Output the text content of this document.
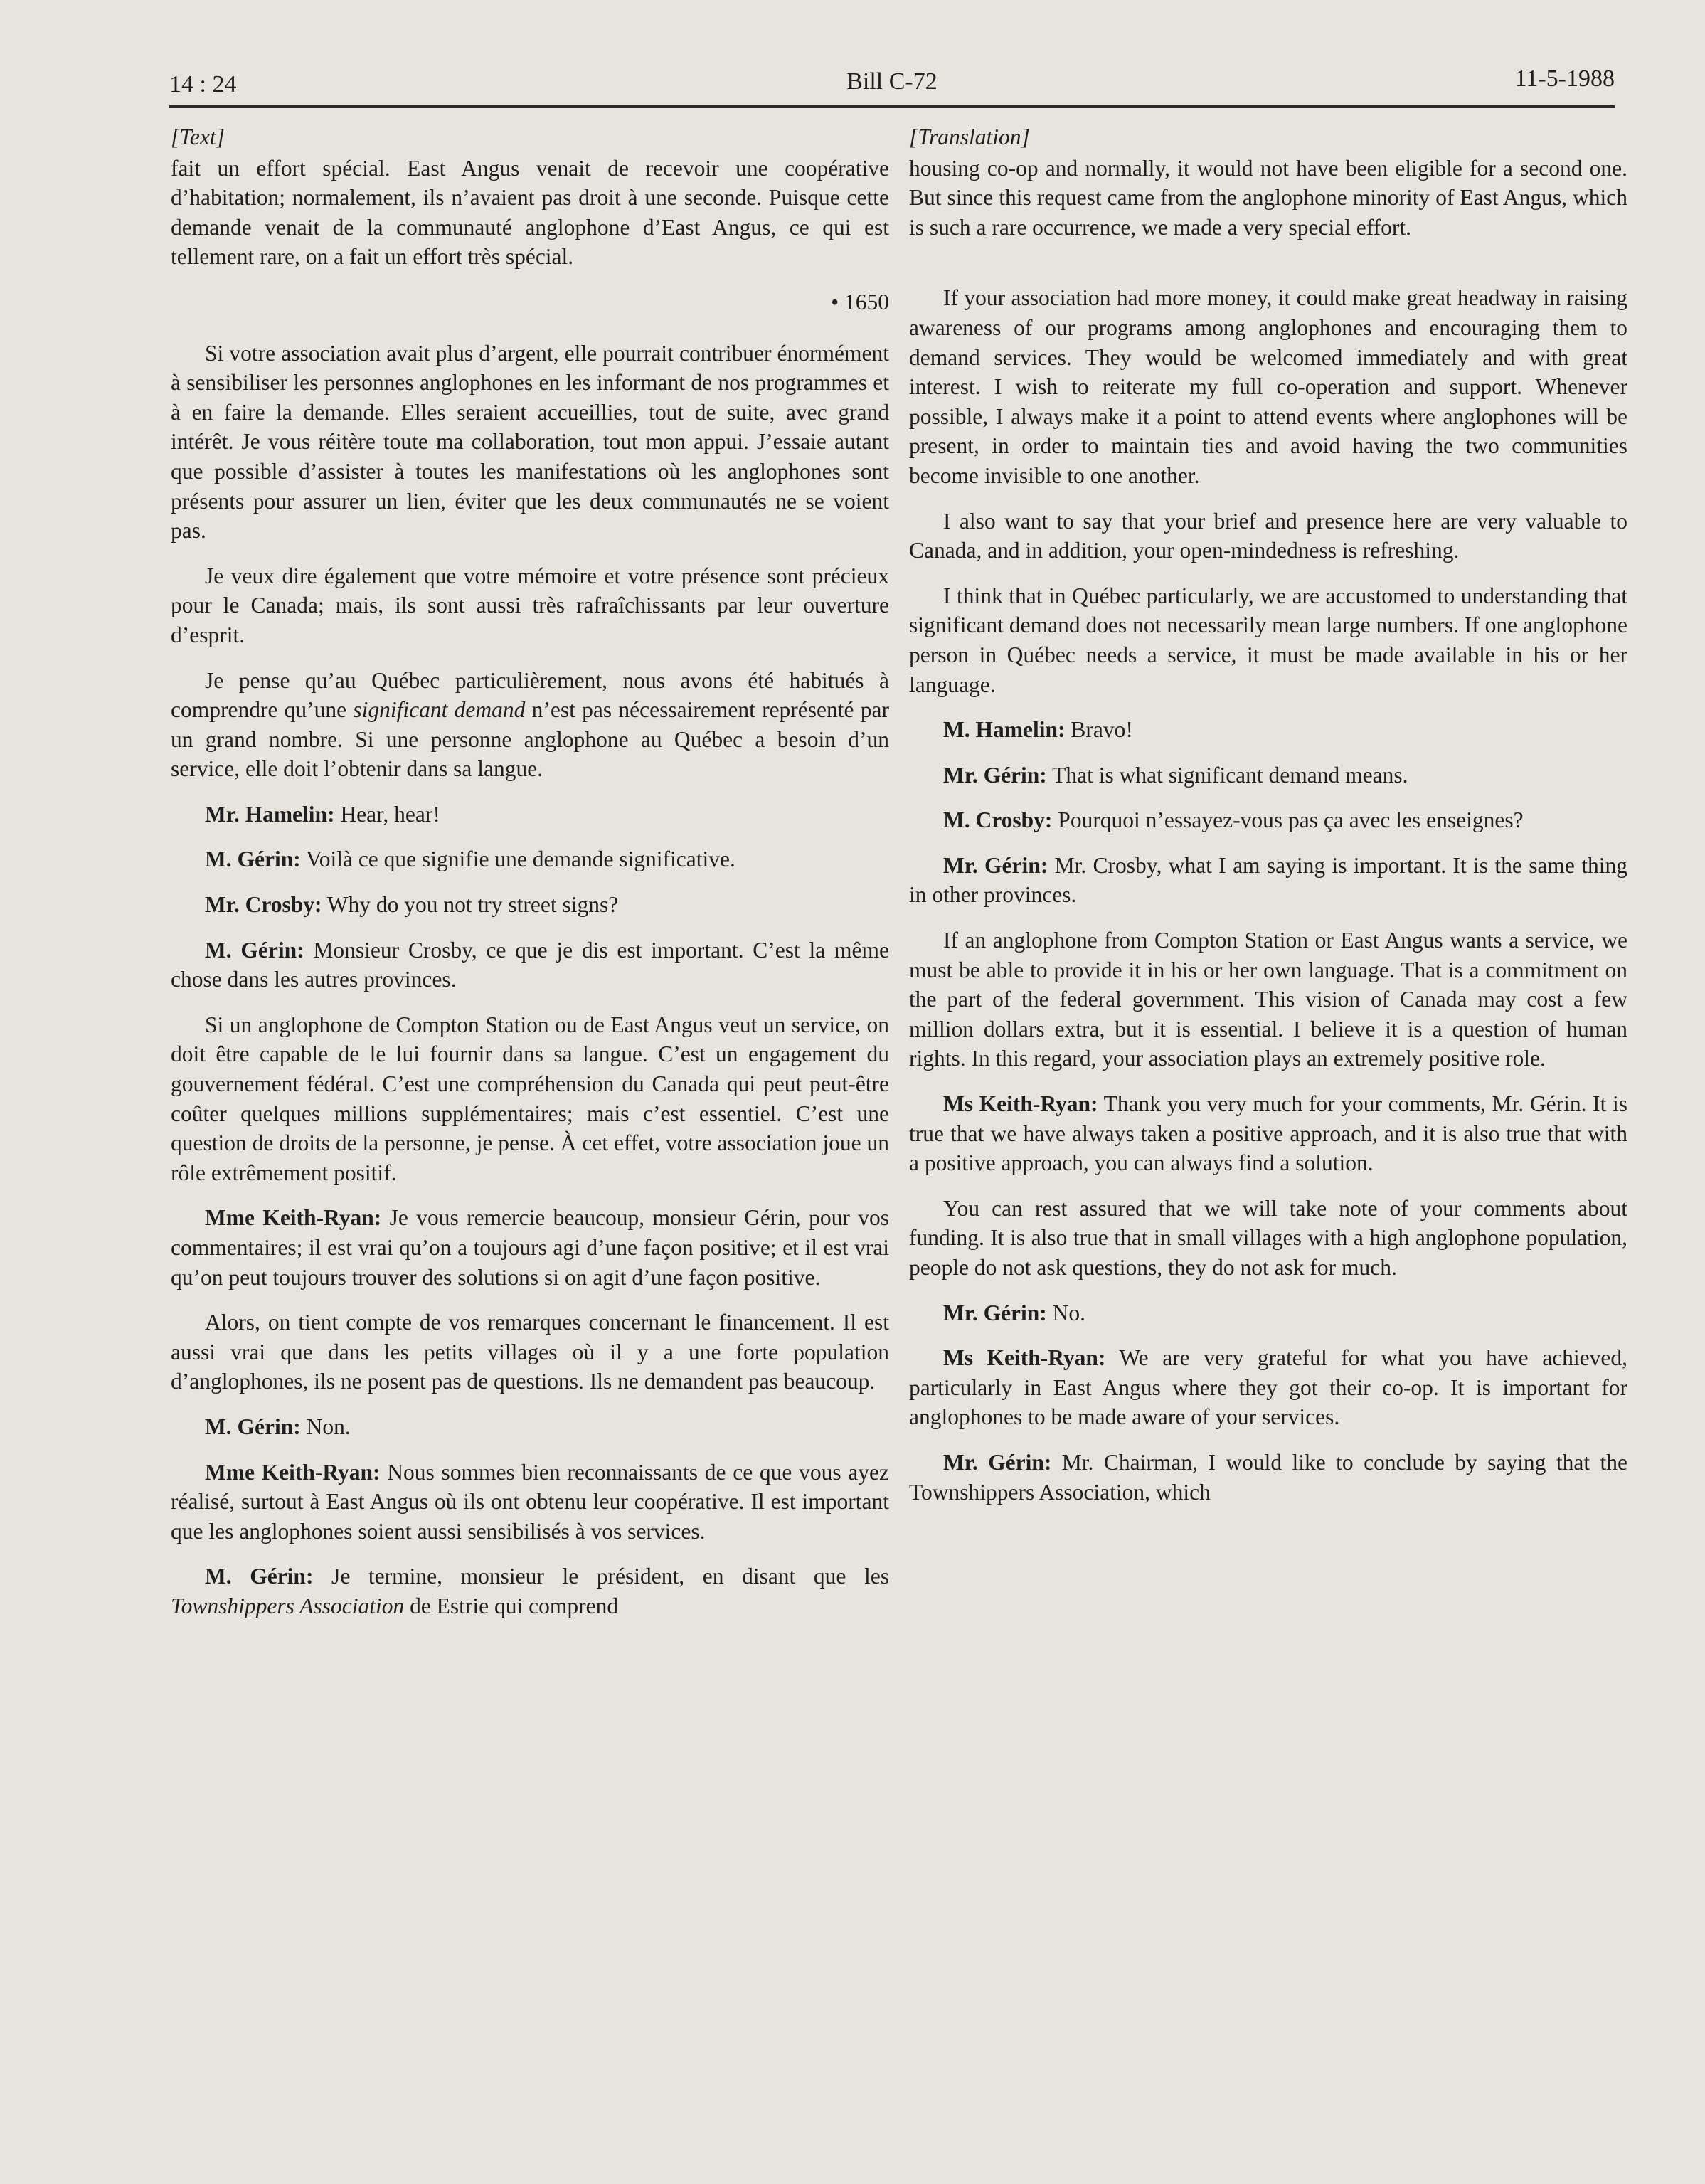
14 : 24	Bill C-72	11-5-1988

[Text]

fait un effort spécial. East Angus venait de recevoir une coopérative d’habitation; normalement, ils n’avaient pas droit à une seconde. Puisque cette demande venait de la communauté anglophone d’East Angus, ce qui est tellement rare, on a fait un effort très spécial.

• 1650

Si votre association avait plus d’argent, elle pourrait contribuer énormément à sensibiliser les personnes anglophones en les informant de nos programmes et à en faire la demande. Elles seraient accueillies, tout de suite, avec grand intérêt. Je vous réitère toute ma collaboration, tout mon appui. J’essaie autant que possible d’assister à toutes les manifestations où les anglophones sont présents pour assurer un lien, éviter que les deux communautés ne se voient pas.

Je veux dire également que votre mémoire et votre présence sont précieux pour le Canada; mais, ils sont aussi très rafraîchissants par leur ouverture d’esprit.

Je pense qu’au Québec particulièrement, nous avons été habitués à comprendre qu’une significant demand n’est pas nécessairement représenté par un grand nombre. Si une personne anglophone au Québec a besoin d’un service, elle doit l’obtenir dans sa langue.

Mr. Hamelin: Hear, hear!

M. Gérin: Voilà ce que signifie une demande significative.

Mr. Crosby: Why do you not try street signs?

M. Gérin: Monsieur Crosby, ce que je dis est important. C’est la même chose dans les autres provinces.

Si un anglophone de Compton Station ou de East Angus veut un service, on doit être capable de le lui fournir dans sa langue. C’est un engagement du gouvernement fédéral. C’est une compréhension du Canada qui peut peut-être coûter quelques millions supplémentaires; mais c’est essentiel. C’est une question de droits de la personne, je pense. À cet effet, votre association joue un rôle extrêmement positif.

Mme Keith-Ryan: Je vous remercie beaucoup, monsieur Gérin, pour vos commentaires; il est vrai qu’on a toujours agi d’une façon positive; et il est vrai qu’on peut toujours trouver des solutions si on agit d’une façon positive.

Alors, on tient compte de vos remarques concernant le financement. Il est aussi vrai que dans les petits villages où il y a une forte population d’anglophones, ils ne posent pas de questions. Ils ne demandent pas beaucoup.

M. Gérin: Non.

Mme Keith-Ryan: Nous sommes bien reconnaissants de ce que vous ayez réalisé, surtout à East Angus où ils ont obtenu leur coopérative. Il est important que les anglophones soient aussi sensibilisés à vos services.

M. Gérin: Je termine, monsieur le président, en disant que les Townshippers Association de Estrie qui comprend

[Translation]

housing co-op and normally, it would not have been eligible for a second one. But since this request came from the anglophone minority of East Angus, which is such a rare occurrence, we made a very special effort.

If your association had more money, it could make great headway in raising awareness of our programs among anglophones and encouraging them to demand services. They would be welcomed immediately and with great interest. I wish to reiterate my full co-operation and support. Whenever possible, I always make it a point to attend events where anglophones will be present, in order to maintain ties and avoid having the two communities become invisible to one another.

I also want to say that your brief and presence here are very valuable to Canada, and in addition, your open-mindedness is refreshing.

I think that in Québec particularly, we are accustomed to understanding that significant demand does not necessarily mean large numbers. If one anglophone person in Québec needs a service, it must be made available in his or her language.

M. Hamelin: Bravo!

Mr. Gérin: That is what significant demand means.

M. Crosby: Pourquoi n’essayez-vous pas ça avec les enseignes?

Mr. Gérin: Mr. Crosby, what I am saying is important. It is the same thing in other provinces.

If an anglophone from Compton Station or East Angus wants a service, we must be able to provide it in his or her own language. That is a commitment on the part of the federal government. This vision of Canada may cost a few million dollars extra, but it is essential. I believe it is a question of human rights. In this regard, your association plays an extremely positive role.

Ms Keith-Ryan: Thank you very much for your comments, Mr. Gérin. It is true that we have always taken a positive approach, and it is also true that with a positive approach, you can always find a solution.

You can rest assured that we will take note of your comments about funding. It is also true that in small villages with a high anglophone population, people do not ask questions, they do not ask for much.

Mr. Gérin: No.

Ms Keith-Ryan: We are very grateful for what you have achieved, particularly in East Angus where they got their co-op. It is important for anglophones to be made aware of your services.

Mr. Gérin: Mr. Chairman, I would like to conclude by saying that the Townshippers Association, which
